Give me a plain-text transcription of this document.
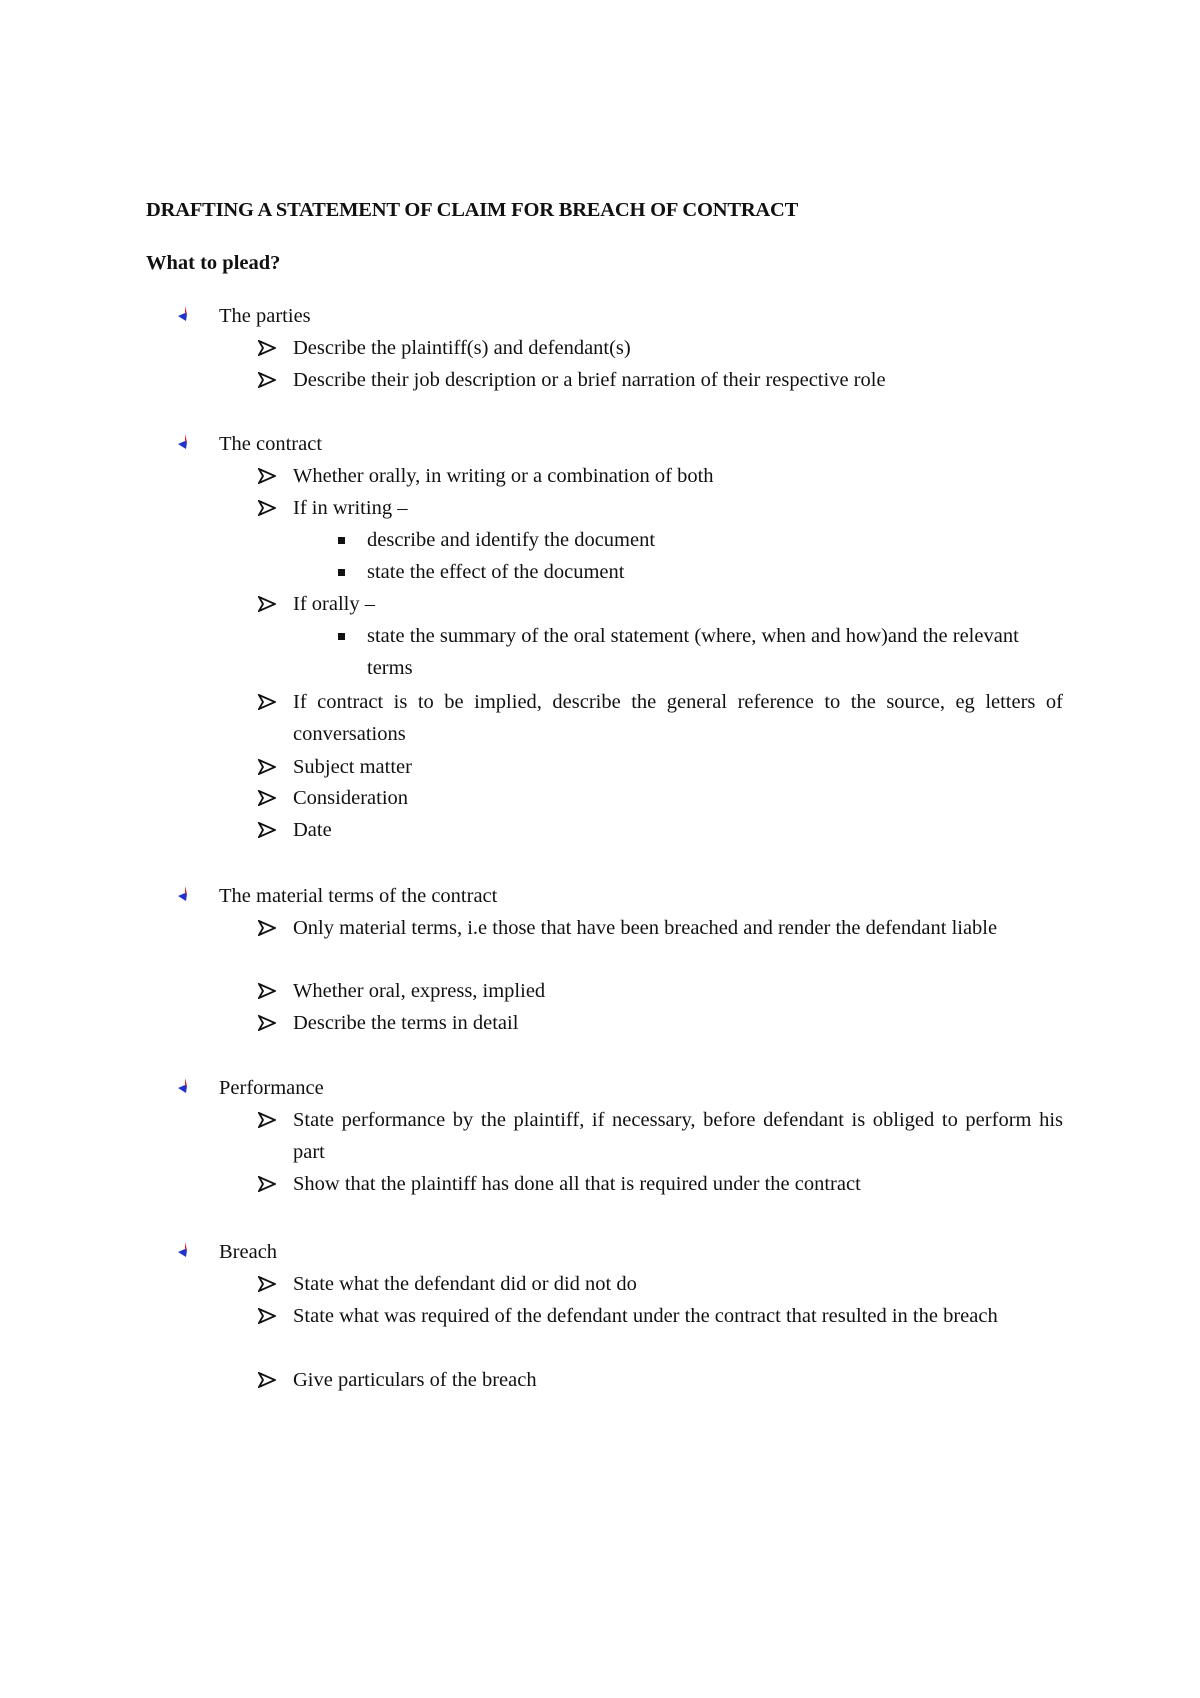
DRAFTING A STATEMENT OF CLAIM FOR BREACH OF CONTRACT
What to plead?
The parties
Describe the plaintiff(s) and defendant(s)
Describe their job description or a brief narration of their respective role
The contract
Whether orally, in writing or a combination of both
If in writing –
describe and identify the document
state the effect of the document
If orally –
state the summary of the oral statement (where, when and how)and the relevant terms
If contract is to be implied, describe the general reference to the source, eg letters of conversations
Subject matter
Consideration
Date
The material terms of the contract
Only material terms, i.e those that have been breached and render the defendant liable
Whether oral, express, implied
Describe the terms in detail
Performance
State performance by the plaintiff, if necessary, before defendant is obliged to perform his part
Show that the plaintiff has done all that is required under the contract
Breach
State what the defendant did or did not do
State what was required of the defendant under the contract that resulted in the breach
Give particulars of the breach
